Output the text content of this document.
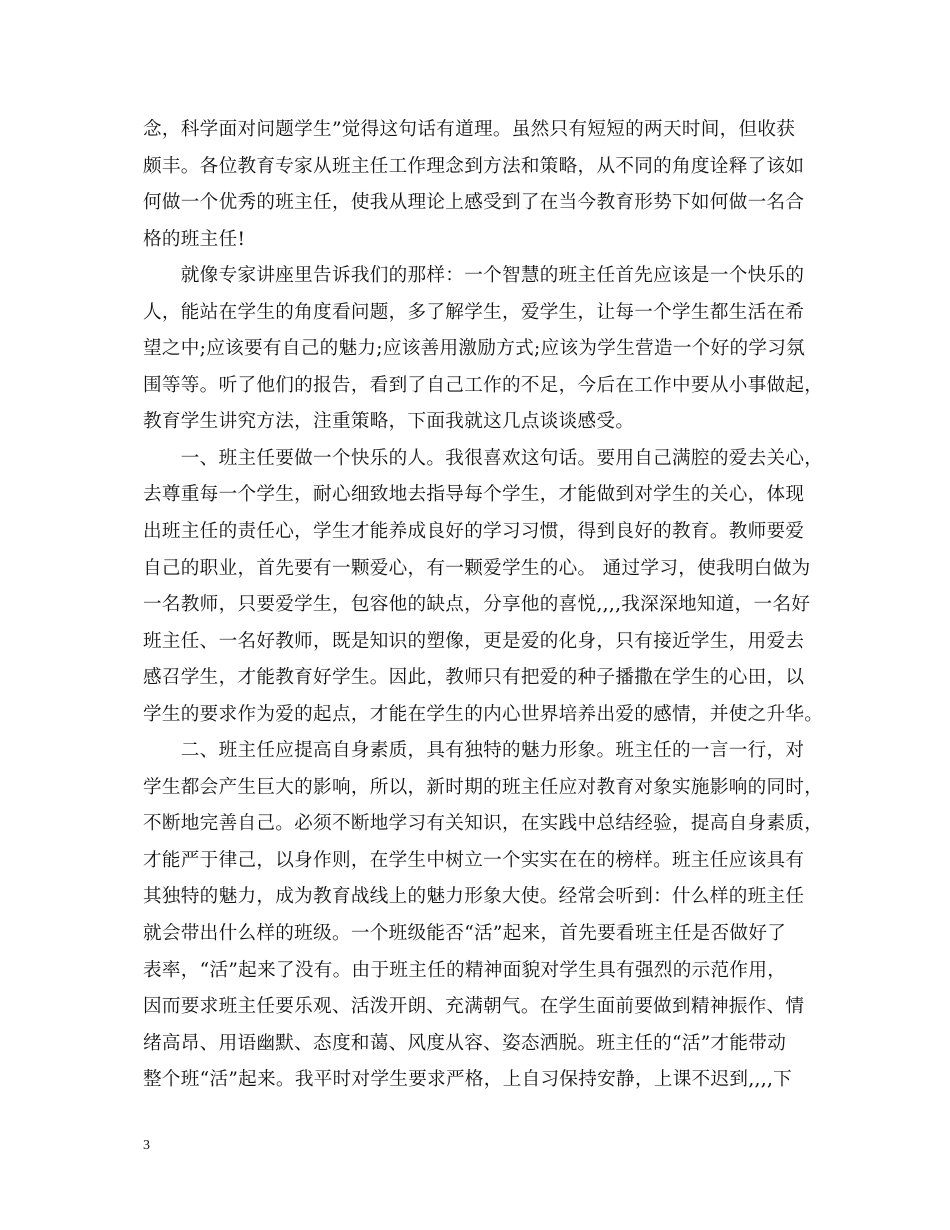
念，科学面对问题学生”觉得这句话有道理。虽然只有短短的两天时间，但收获
颇丰。各位教育专家从班主任工作理念到方法和策略，从不同的角度诠释了该如
何做一个优秀的班主任，使我从理论上感受到了在当今教育形势下如何做一名合
格的班主任!
　　就像专家讲座里告诉我们的那样：一个智慧的班主任首先应该是一个快乐的
人，能站在学生的角度看问题，多了解学生，爱学生，让每一个学生都生活在希
望之中;应该要有自己的魅力;应该善用激励方式;应该为学生营造一个好的学习氛
围等等。听了他们的报告，看到了自己工作的不足，今后在工作中要从小事做起，
教育学生讲究方法，注重策略，下面我就这几点谈谈感受。
　　一、班主任要做一个快乐的人。我很喜欢这句话。要用自己满腔的爱去关心，
去尊重每一个学生，耐心细致地去指导每个学生，才能做到对学生的关心，体现
出班主任的责任心，学生才能养成良好的学习习惯，得到良好的教育。教师要爱
自己的职业，首先要有一颗爱心，有一颗爱学生的心。 通过学习，使我明白做为
一名教师，只要爱学生，包容他的缺点，分享他的喜悦,,,,我深深地知道，一名好
班主任、一名好教师，既是知识的塑像，更是爱的化身，只有接近学生，用爱去
感召学生，才能教育好学生。因此，教师只有把爱的种子播撒在学生的心田，以
学生的要求作为爱的起点，才能在学生的内心世界培养出爱的感情，并使之升华。
　　二、班主任应提高自身素质，具有独特的魅力形象。班主任的一言一行，对
学生都会产生巨大的影响，所以，新时期的班主任应对教育对象实施影响的同时，
不断地完善自己。必须不断地学习有关知识，在实践中总结经验，提高自身素质，
才能严于律己，以身作则，在学生中树立一个实实在在的榜样。班主任应该具有
其独特的魅力，成为教育战线上的魅力形象大使。经常会听到：什么样的班主任
就会带出什么样的班级。一个班级能否“活”起来，首先要看班主任是否做好了
表率，“活”起来了没有。由于班主任的精神面貌对学生具有强烈的示范作用，
因而要求班主任要乐观、活泼开朗、充满朝气。在学生面前要做到精神振作、情
绪高昂、用语幽默、态度和蔼、风度从容、姿态洒脱。班主任的“活”才能带动
整个班“活”起来。我平时对学生要求严格，上自习保持安静，上课不迟到,,,,下
3
